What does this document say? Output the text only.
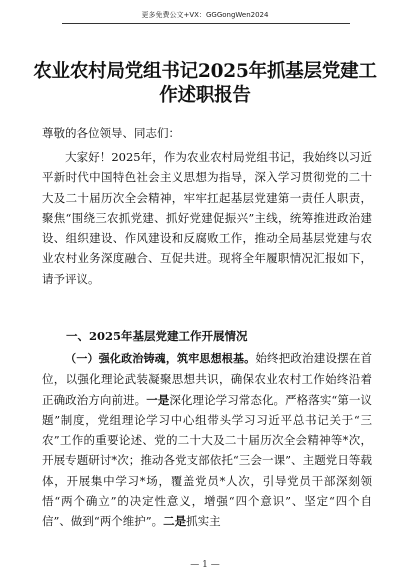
更多免费公文+VX：GGGongWen2024
农业农村局党组书记2025年抓基层党建工作述职报告
尊敬的各位领导、同志们：
大家好！2025年，作为农业农村局党组书记，我始终以习近平新时代中国特色社会主义思想为指导，深入学习贯彻党的二十大及二十届历次全会精神，牢牢扛起基层党建第一责任人职责，聚焦“围绕三农抓党建、抓好党建促振兴”主线，统筹推进政治建设、组织建设、作风建设和反腐败工作，推动全局基层党建与农业农村业务深度融合、互促共进。现将全年履职情况汇报如下，请予评议。
一、2025年基层党建工作开展情况
（一）强化政治铸魂，筑牢思想根基。始终把政治建设摆在首位，以强化理论武装凝聚思想共识，确保农业农村工作始终沿着正确政治方向前进。一是深化理论学习常态化。严格落实“第一议题”制度，党组理论学习中心组带头学习习近平总书记关于“三农”工作的重要论述、党的二十大及二十届历次全会精神等*次，开展专题研讨*次；推动各党支部依托“三会一课”、主题党日等载体，开展集中学习*场，覆盖党员*人次，引导党员干部深刻领悟“两个确立”的决定性意义，增强“四个意识”、坚定“四个自信”、做到“两个维护”。二是抓实主
— 1 —
